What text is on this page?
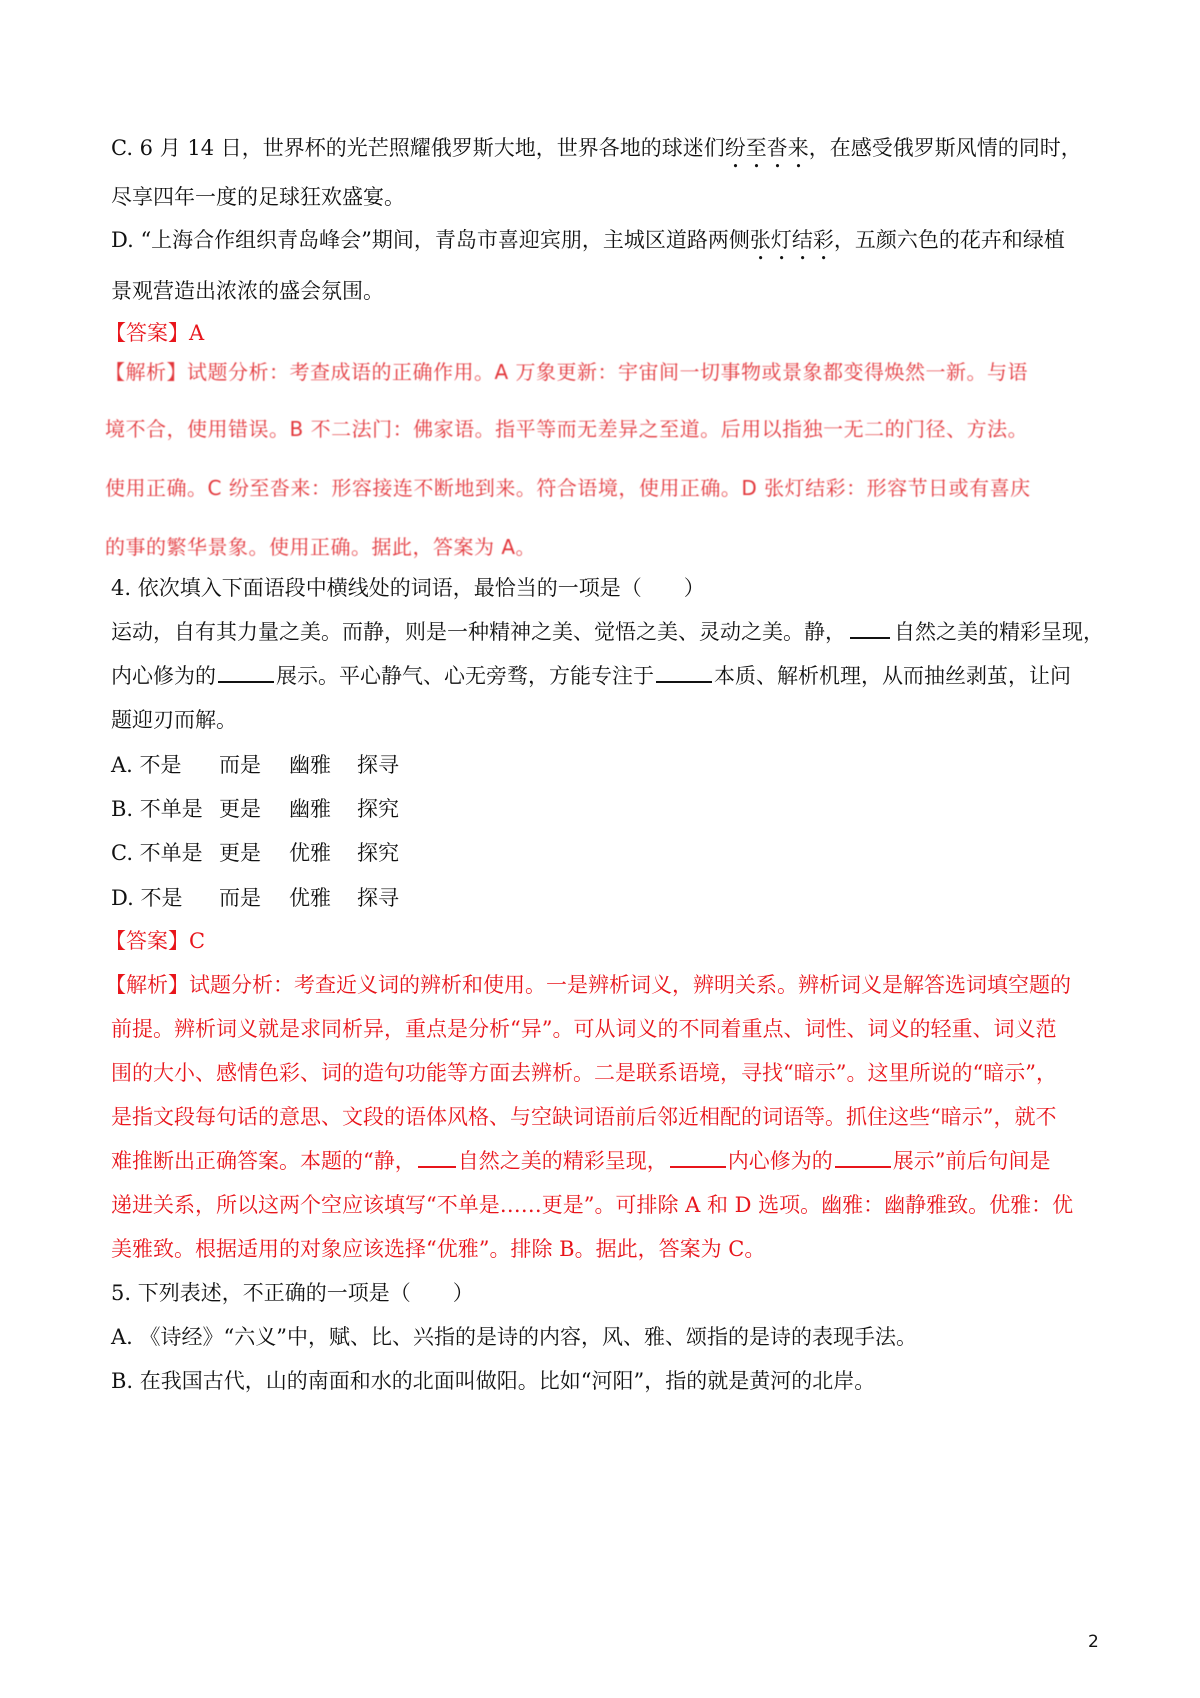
C. 6 月 14 日，世界杯的光芒照耀俄罗斯大地，世界各地的球迷们纷至沓来，在感受俄罗斯风情的同时，
尽享四年一度的足球狂欢盛宴。
D. “上海合作组织青岛峰会”期间，青岛市喜迎宾朋，主城区道路两侧张灯结彩，五颜六色的花卉和绿植
景观营造出浓浓的盛会氛围。
【答案】A
【解析】试题分析：考查成语的正确作用。A 万象更新：宇宙间一切事物或景象都变得焕然一新。与语
境不合，使用错误。B 不二法门：佛家语。指平等而无差异之至道。后用以指独一无二的门径、方法。
使用正确。C 纷至沓来：形容接连不断地到来。符合语境，使用正确。D 张灯结彩：形容节日或有喜庆
的事的繁华景象。使用正确。据此，答案为 A。
4. 依次填入下面语段中横线处的词语，最恰当的一项是（　　）
运动，自有其力量之美。而静，则是一种精神之美、觉悟之美、灵动之美。静， 自然之美的精彩呈现，
内心修为的	展示。平心静气、心无旁骛，方能专注于	本质、解析机理，从而抽丝剥茧，让问
题迎刃而解。
A. 不是 而是 幽雅 探寻
B. 不单是 更是 幽雅 探究
C. 不单是 更是 优雅 探究
D. 不是 而是 优雅 探寻
【答案】C
【解析】试题分析：考查近义词的辨析和使用。一是辨析词义，辨明关系。辨析词义是解答选词填空题的
前提。辨析词义就是求同析异，重点是分析“异”。可从词义的不同着重点、词性、词义的轻重、词义范
围的大小、感情色彩、词的造句功能等方面去辨析。二是联系语境，寻找“暗示”。这里所说的“暗示”，
是指文段每句话的意思、文段的语体风格、与空缺词语前后邻近相配的词语等。抓住这些“暗示”，就不
难推断出正确答案。本题的“静， 自然之美的精彩呈现，	内心修为的	展示”前后句间是
递进关系，所以这两个空应该填写“不单是……更是”。可排除 A 和 D 选项。幽雅：幽静雅致。优雅：优
美雅致。根据适用的对象应该选择“优雅”。排除 B。据此，答案为 C。
5. 下列表述，不正确的一项是（　　）
A. 《诗经》“六义”中，赋、比、兴指的是诗的内容，风、雅、颂指的是诗的表现手法。
B. 在我国古代，山的南面和水的北面叫做阳。比如“河阳”，指的就是黄河的北岸。
2
